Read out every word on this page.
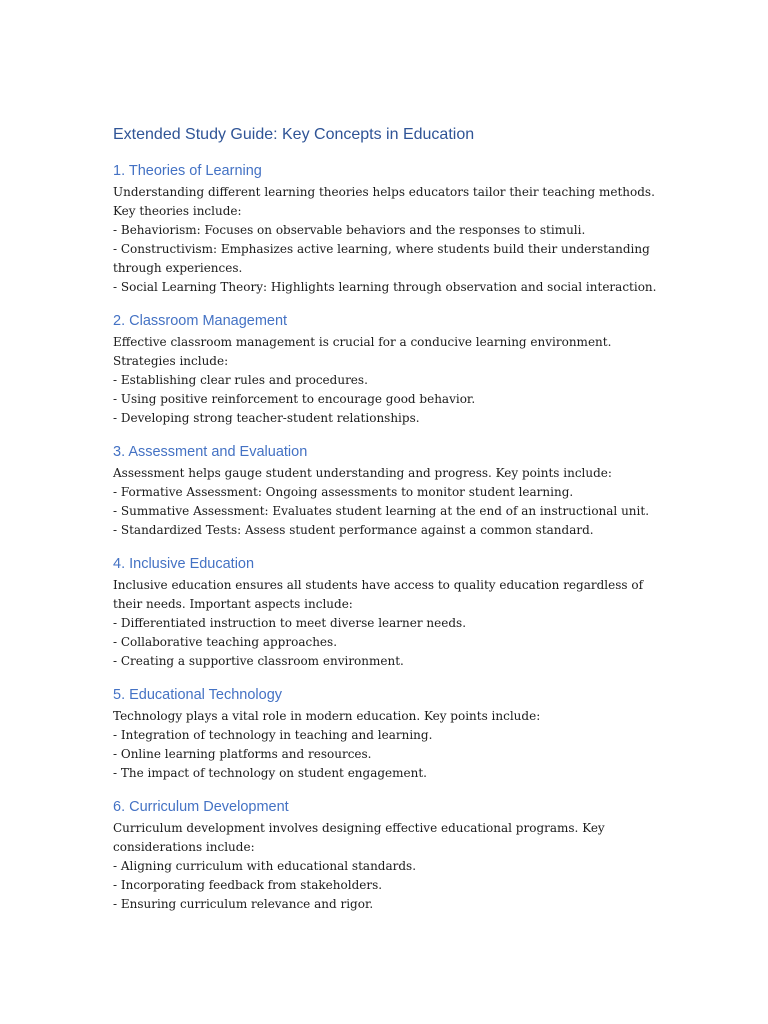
Extended Study Guide: Key Concepts in Education
1. Theories of Learning

Understanding different learning theories helps educators tailor their teaching methods. Key theories include:

- Behaviorism: Focuses on observable behaviors and the responses to stimuli.
- Constructivism: Emphasizes active learning, where students build their understanding through experiences.
- Social Learning Theory: Highlights learning through observation and social interaction.
2. Classroom Management

Effective classroom management is crucial for a conducive learning environment. Strategies include:

- Establishing clear rules and procedures.
- Using positive reinforcement to encourage good behavior.
- Developing strong teacher-student relationships.
3. Assessment and Evaluation

Assessment helps gauge student understanding and progress. Key points include:

- Formative Assessment: Ongoing assessments to monitor student learning.
- Summative Assessment: Evaluates student learning at the end of an instructional unit.
- Standardized Tests: Assess student performance against a common standard.
4. Inclusive Education

Inclusive education ensures all students have access to quality education regardless of their needs. Important aspects include:

- Differentiated instruction to meet diverse learner needs.
- Collaborative teaching approaches.
- Creating a supportive classroom environment.
5. Educational Technology

Technology plays a vital role in modern education. Key points include:

- Integration of technology in teaching and learning.
- Online learning platforms and resources.
- The impact of technology on student engagement.
6. Curriculum Development

Curriculum development involves designing effective educational programs. Key considerations include:

- Aligning curriculum with educational standards.
- Incorporating feedback from stakeholders.
- Ensuring curriculum relevance and rigor.
